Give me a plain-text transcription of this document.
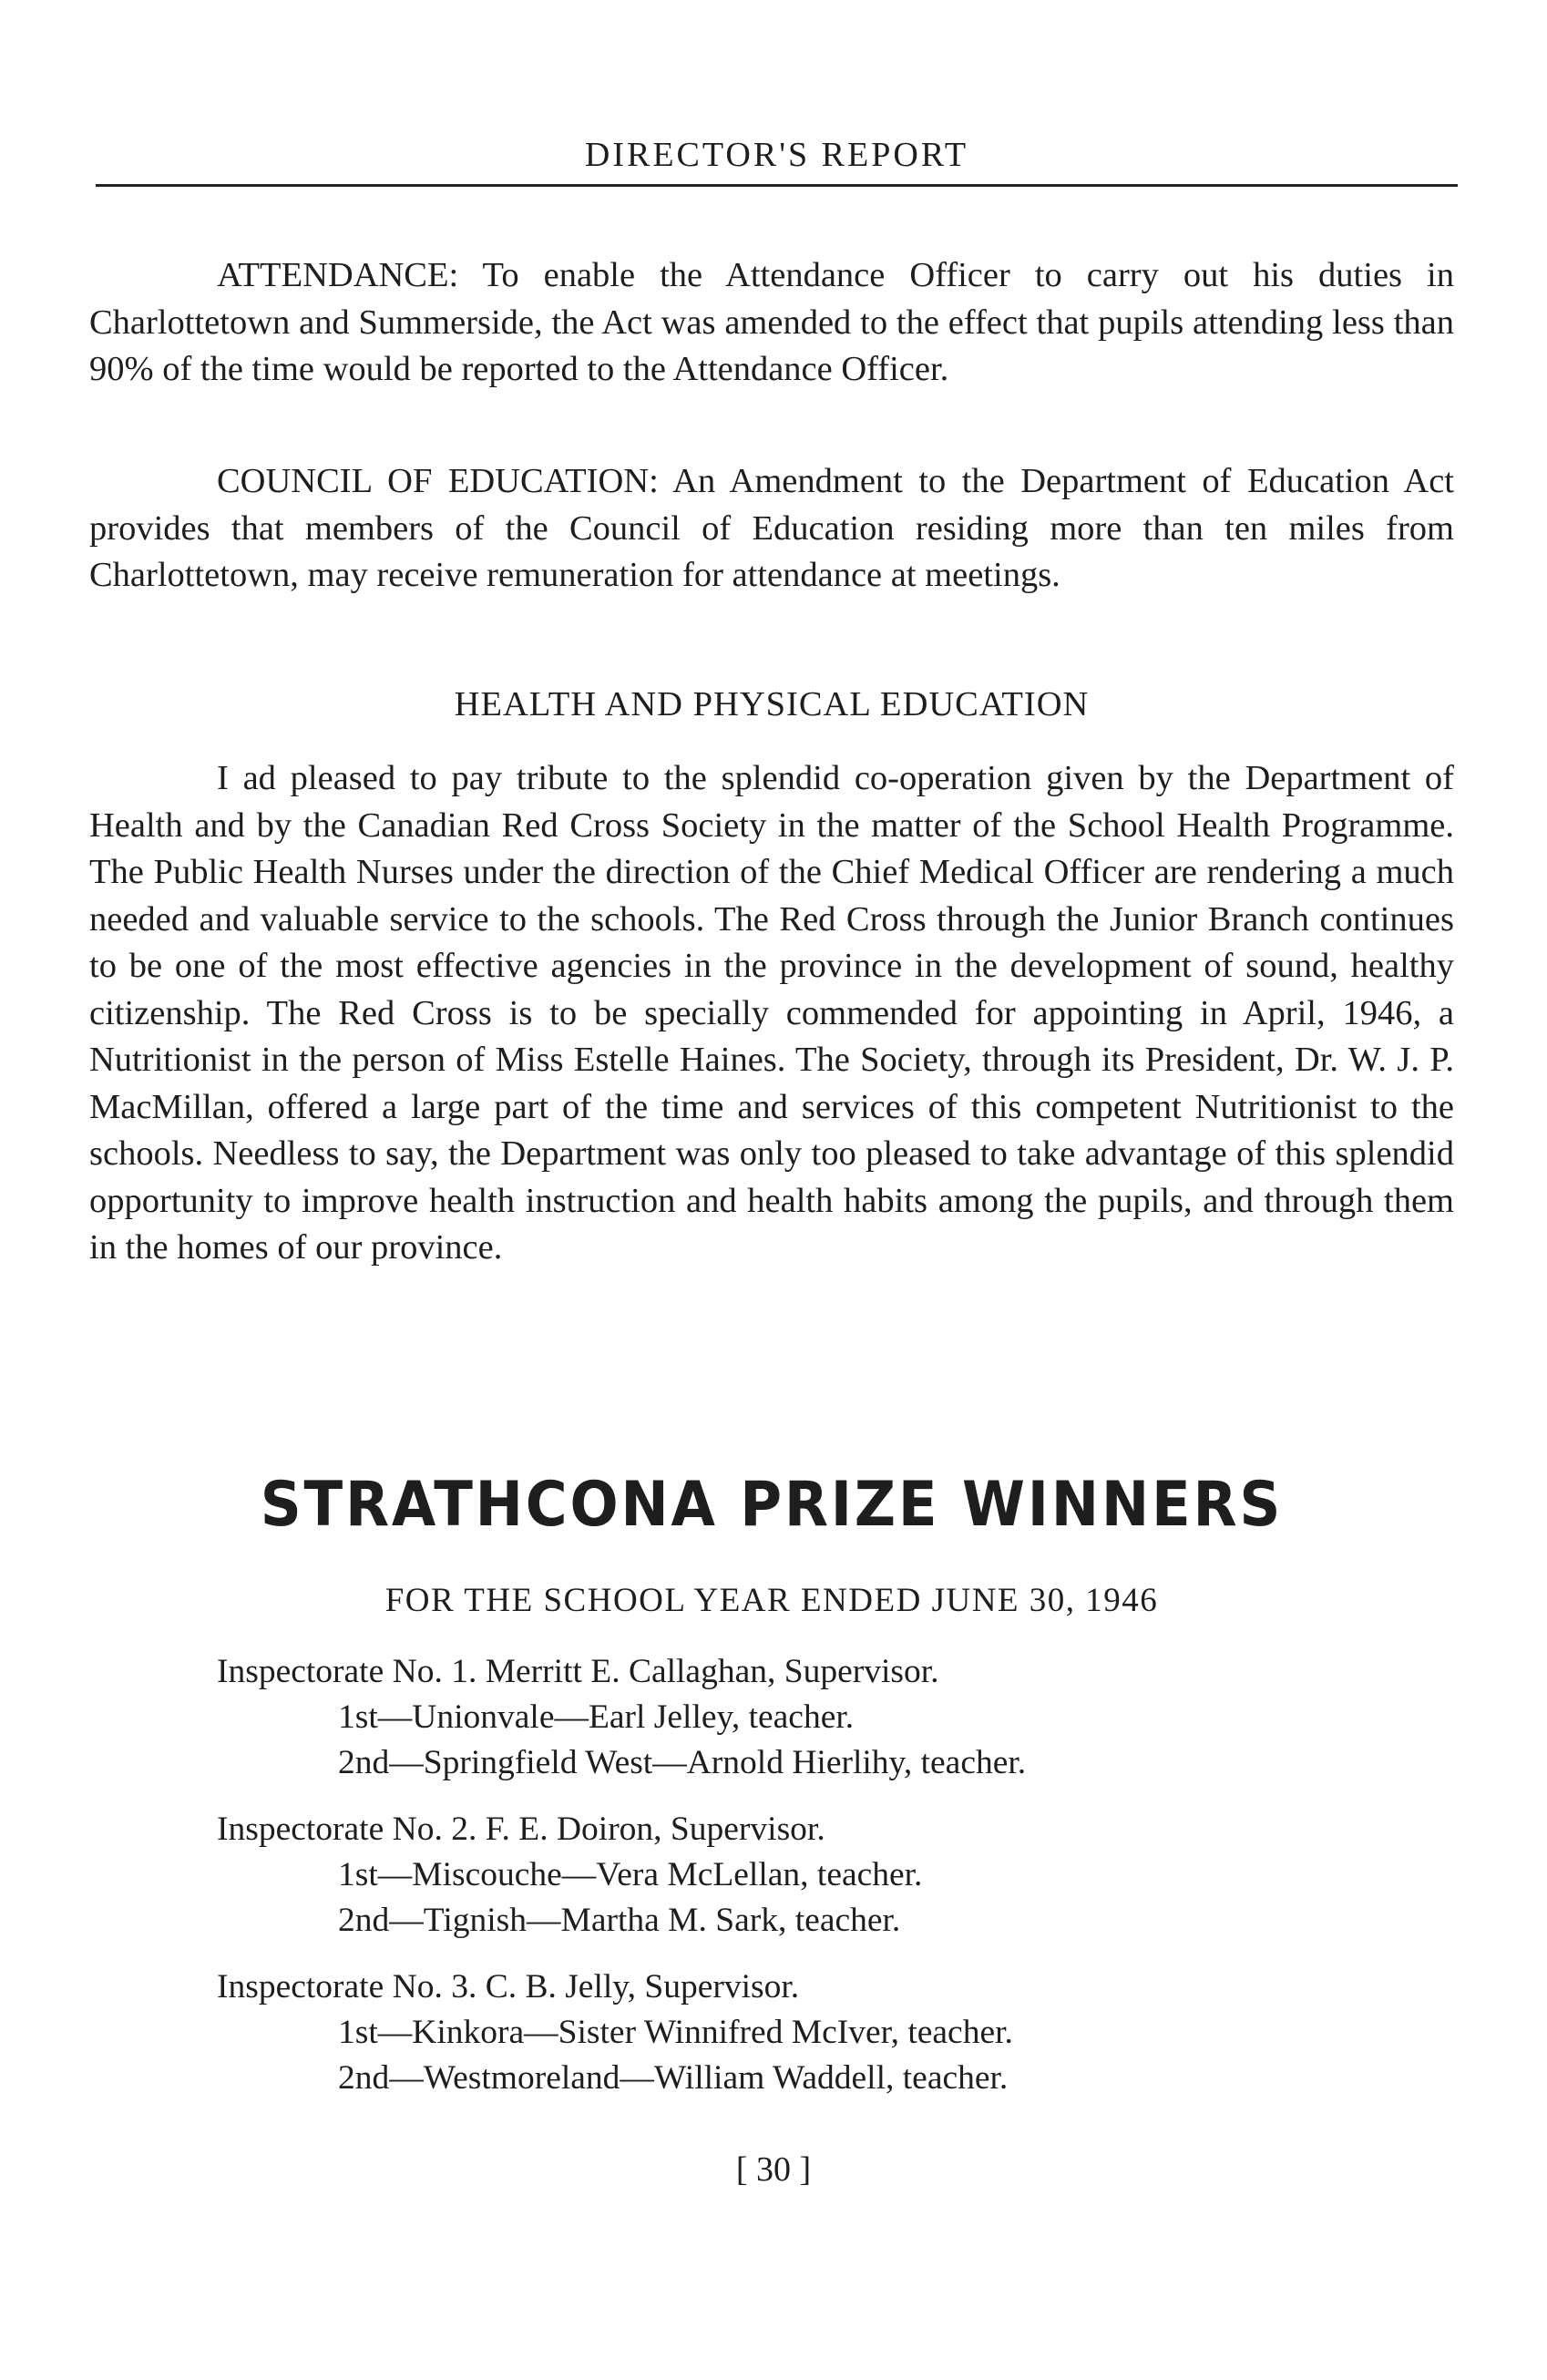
DIRECTOR'S REPORT

ATTENDANCE: To enable the Attendance Officer to carry out his duties in Charlottetown and Summerside, the Act was amended to the effect that pupils attending less than 90% of the time would be reported to the Attendance Officer.

COUNCIL OF EDUCATION: An Amendment to the Department of Education Act provides that members of the Council of Education residing more than ten miles from Charlottetown, may receive remuneration for attendance at meetings.

HEALTH AND PHYSICAL EDUCATION

I ad pleased to pay tribute to the splendid co-operation given by the Department of Health and by the Canadian Red Cross Society in the matter of the School Health Programme. The Public Health Nurses under the direction of the Chief Medical Officer are rendering a much needed and valuable service to the schools. The Red Cross through the Junior Branch continues to be one of the most effective agencies in the province in the development of sound, healthy citizenship. The Red Cross is to be specially commended for appointing in April, 1946, a Nutritionist in the person of Miss Estelle Haines. The Society, through its President, Dr. W. J. P. MacMillan, offered a large part of the time and services of this competent Nutritionist to the schools. Needless to say, the Department was only too pleased to take advantage of this splendid opportunity to improve health instruction and health habits among the pupils, and through them in the homes of our province.

STRATHCONA PRIZE WINNERS
FOR THE SCHOOL YEAR ENDED JUNE 30, 1946
Inspectorate No. 1. Merritt E. Callaghan, Supervisor.
1st—Unionvale—Earl Jelley, teacher.
2nd—Springfield West—Arnold Hierlihy, teacher.
Inspectorate No. 2. F. E. Doiron, Supervisor.
1st—Miscouche—Vera McLellan, teacher.
2nd—Tignish—Martha M. Sark, teacher.
Inspectorate No. 3. C. B. Jelly, Supervisor.
1st—Kinkora—Sister Winnifred McIver, teacher.
2nd—Westmoreland—William Waddell, teacher.
[ 30 ]
